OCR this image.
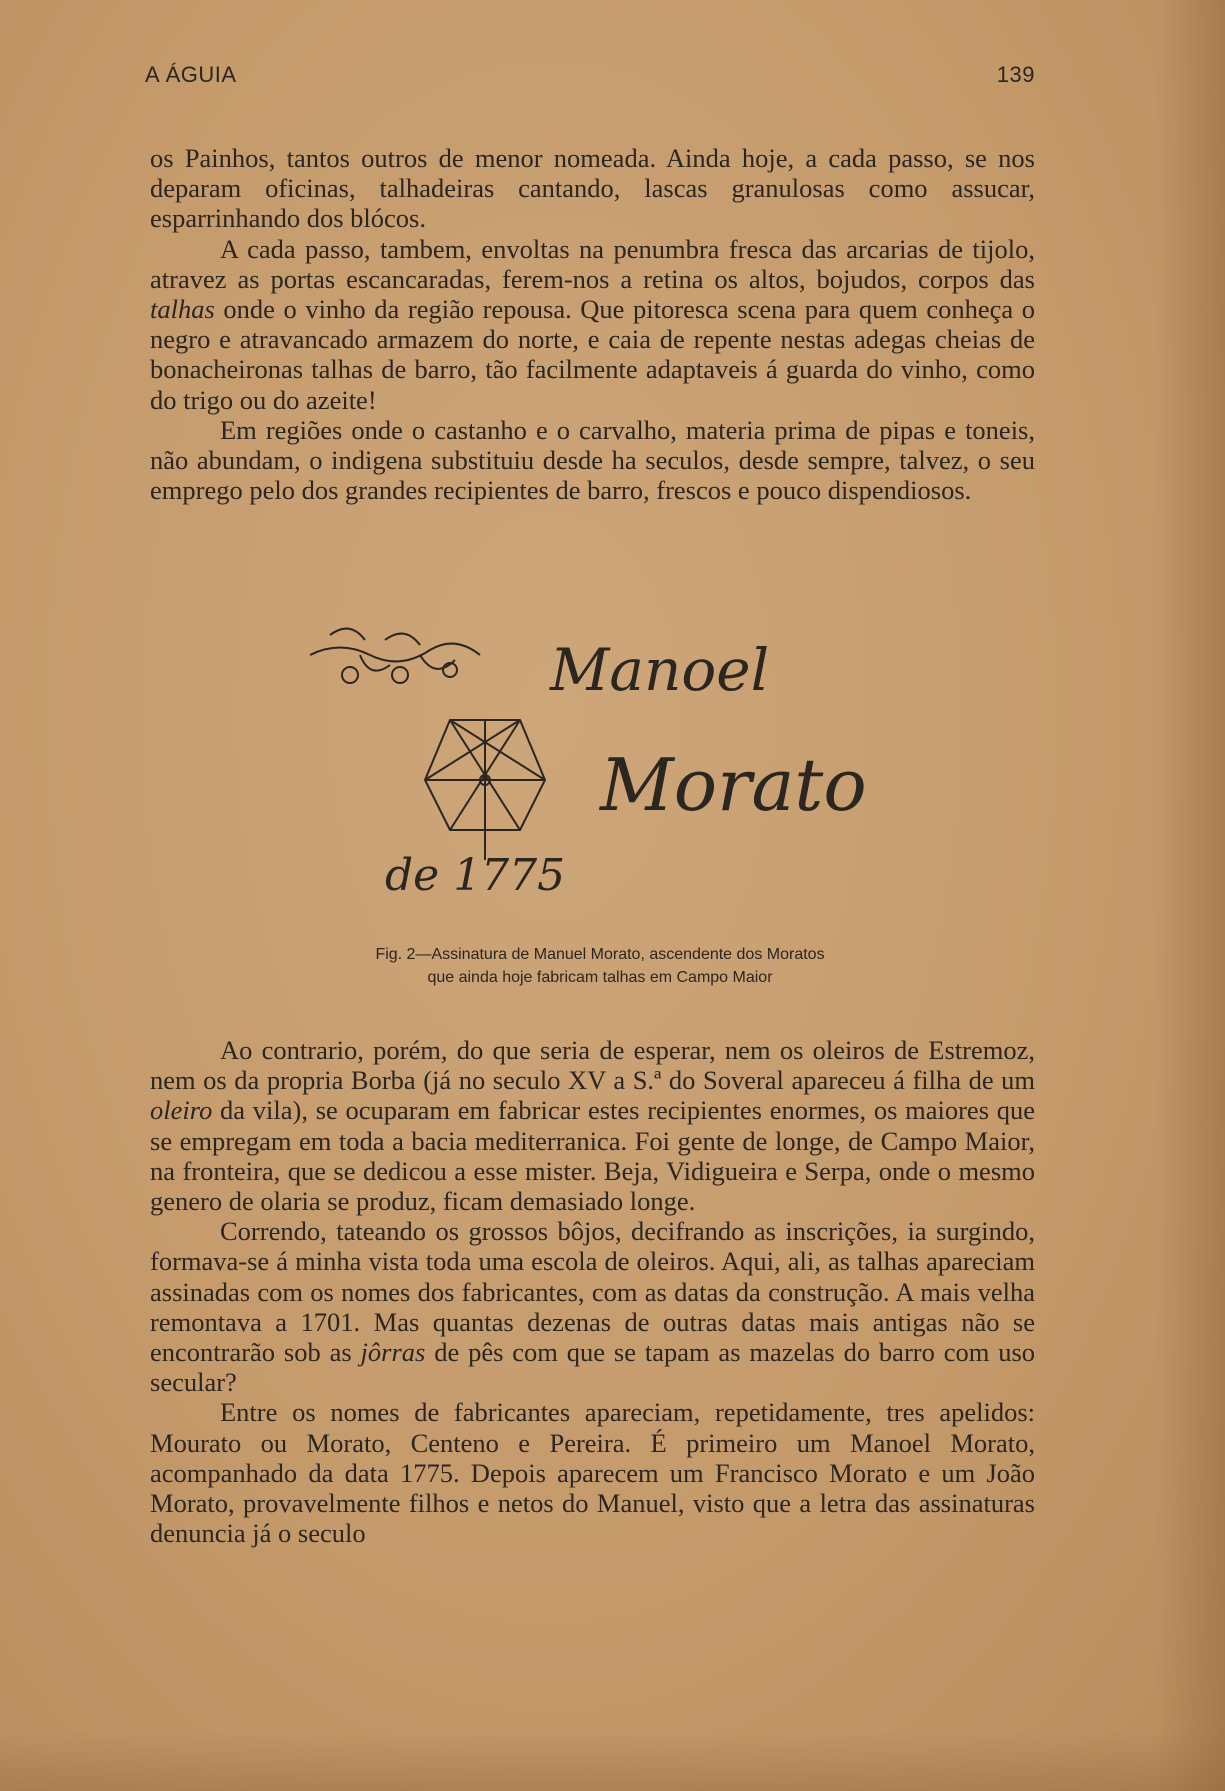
A ÁGUIA	139

os Painhos, tantos outros de menor nomeada. Ainda hoje, a cada passo, se nos deparam oficinas, talhadeiras cantando, lascas granulosas como assucar, esparrinhando dos blócos.

A cada passo, tambem, envoltas na penumbra fresca das arcarias de tijolo, atravez as portas escancaradas, ferem-nos a retina os altos, bojudos, corpos das talhas onde o vinho da região repousa. Que pitoresca scena para quem conheça o negro e atravancado armazem do norte, e caia de repente nestas adegas cheias de bonacheironas talhas de barro, tão facilmente adaptaveis á guarda do vinho, como do trigo ou do azeite!

Em regiões onde o castanho e o carvalho, materia prima de pipas e toneis, não abundam, o indigena substituiu desde ha seculos, desde sempre, talvez, o seu emprego pelo dos grandes recipientes de barro, frescos e pouco dispendiosos.

Manoel
Morato
de 1775
Fig. 2—Assinatura de Manuel Morato, ascendente dos Moratos
que ainda hoje fabricam talhas em Campo Maior

Ao contrario, porém, do que seria de esperar, nem os oleiros de Estremoz, nem os da propria Borba (já no seculo XV a S.ª do Soveral apareceu á filha de um oleiro da vila), se ocuparam em fabricar estes recipientes enormes, os maiores que se empregam em toda a bacia mediterranica. Foi gente de longe, de Campo Maior, na fronteira, que se dedicou a esse mister. Beja, Vidigueira e Serpa, onde o mesmo genero de olaria se produz, ficam demasiado longe.

Correndo, tateando os grossos bôjos, decifrando as inscrições, ia surgindo, formava-se á minha vista toda uma escola de oleiros. Aqui, ali, as talhas apareciam assinadas com os nomes dos fabricantes, com as datas da construção. A mais velha remontava a 1701. Mas quantas dezenas de outras datas mais antigas não se encontrarão sob as jôrras de pês com que se tapam as mazelas do barro com uso secular?

Entre os nomes de fabricantes apareciam, repetidamente, tres apelidos: Mourato ou Morato, Centeno e Pereira. É primeiro um Manoel Morato, acompanhado da data 1775. Depois aparecem um Francisco Morato e um João Morato, provavelmente filhos e netos do Manuel, visto que a letra das assinaturas denuncia já o seculo
